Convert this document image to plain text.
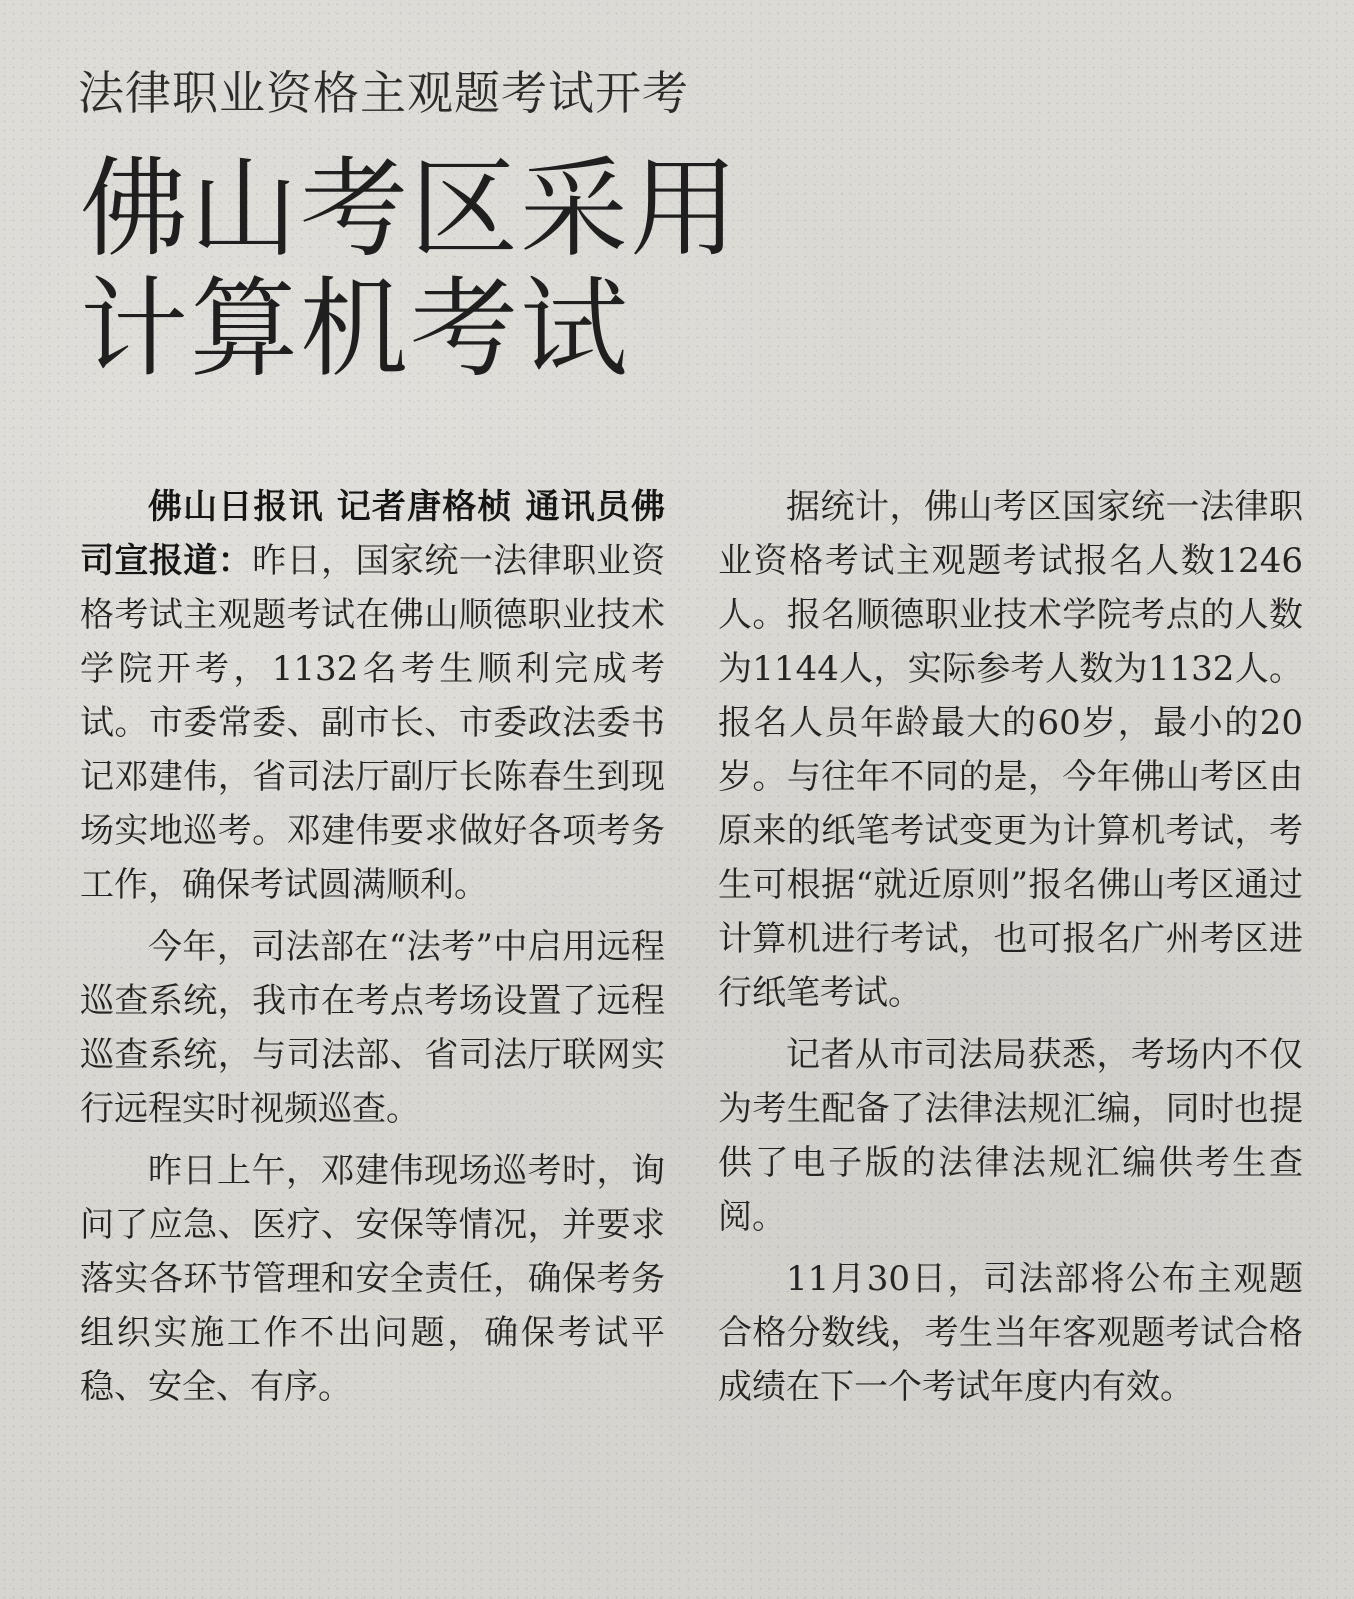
法律职业资格主观题考试开考
佛山考区采用
计算机考试

佛山日报讯 记者唐格桢 通讯员佛司宣报道：昨日，国家统一法律职业资格考试主观题考试在佛山顺德职业技术学院开考，1132名考生顺利完成考试。市委常委、副市长、市委政法委书记邓建伟，省司法厅副厅长陈春生到现场实地巡考。邓建伟要求做好各项考务工作，确保考试圆满顺利。

今年，司法部在“法考”中启用远程巡查系统，我市在考点考场设置了远程巡查系统，与司法部、省司法厅联网实行远程实时视频巡查。

昨日上午，邓建伟现场巡考时，询问了应急、医疗、安保等情况，并要求落实各环节管理和安全责任，确保考务组织实施工作不出问题，确保考试平稳、安全、有序。

据统计，佛山考区国家统一法律职业资格考试主观题考试报名人数1246人。报名顺德职业技术学院考点的人数为1144人，实际参考人数为1132人。报名人员年龄最大的60岁，最小的20岁。与往年不同的是，今年佛山考区由原来的纸笔考试变更为计算机考试，考生可根据“就近原则”报名佛山考区通过计算机进行考试，也可报名广州考区进行纸笔考试。

记者从市司法局获悉，考场内不仅为考生配备了法律法规汇编，同时也提供了电子版的法律法规汇编供考生查阅。

11月30日，司法部将公布主观题合格分数线，考生当年客观题考试合格成绩在下一个考试年度内有效。
